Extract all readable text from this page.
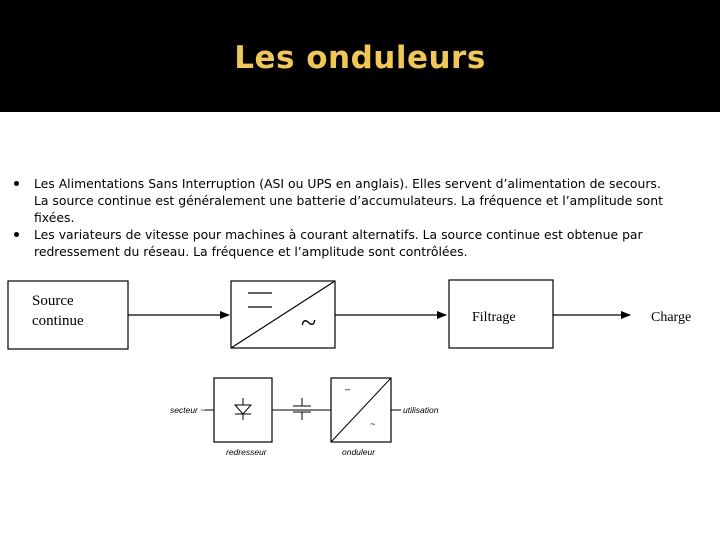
Les onduleurs
Les Alimentations Sans Interruption (ASI ou UPS en anglais). Elles servent d’alimentation de secours. La source continue est généralement une batterie d’accumulateurs. La fréquence et l’amplitude sont fixées.
Les variateurs de vitesse pour machines à courant alternatifs. La source continue est obtenue par redressement du réseau. La fréquence et l’amplitude sont contrôlées.
Source
continue	~	Filtrage	Charge
secteur ~
redresseur
–
~
onduleur
utilisation
